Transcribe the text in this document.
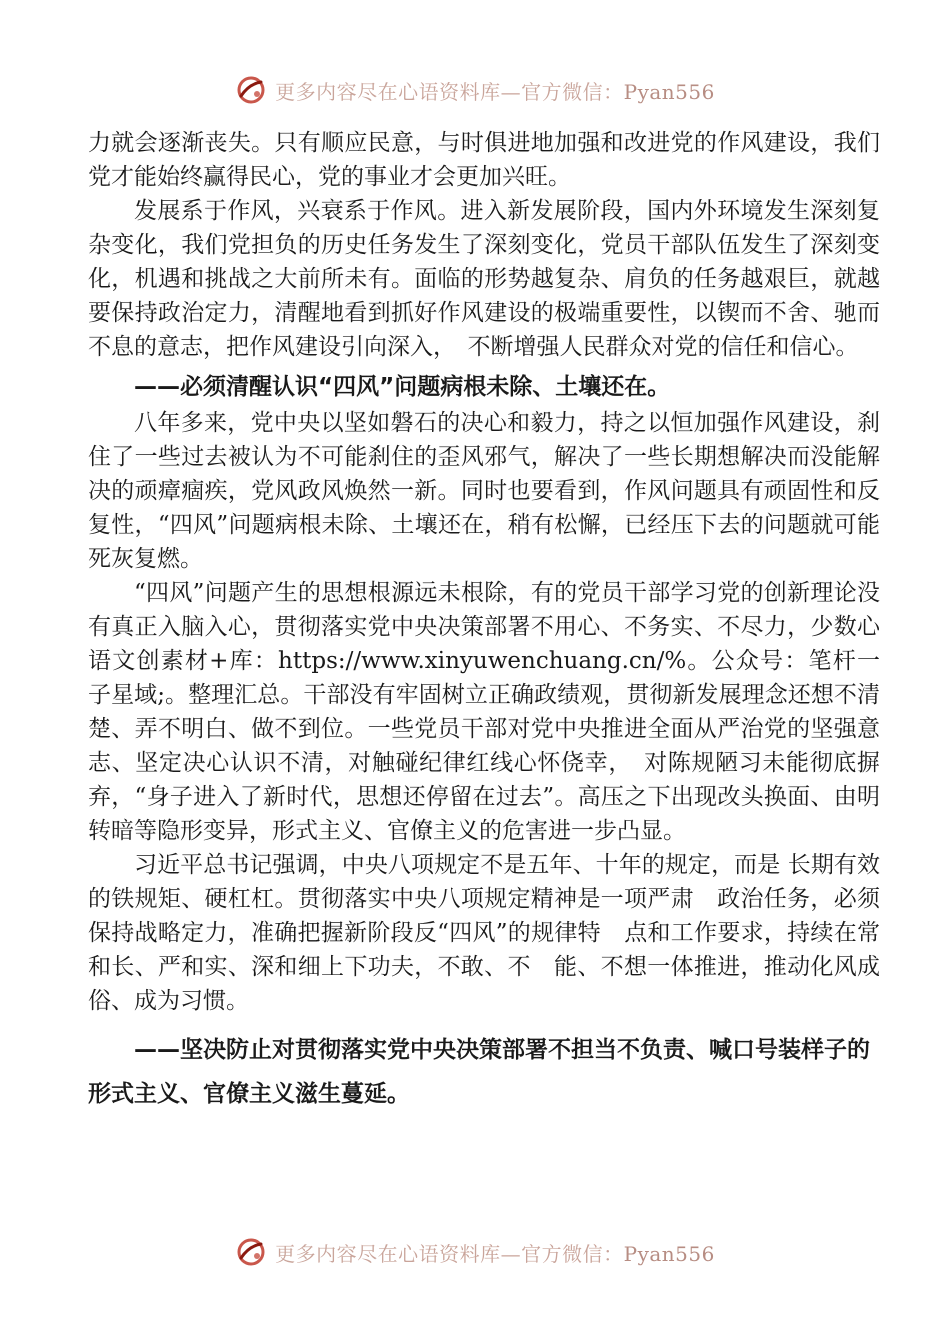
更多内容尽在心语资料库—官方微信：Pyan556

力就会逐渐丧失。只有顺应民意，与时俱进地加强和改进党的作风建设，我们党才能始终赢得民心，党的事业才会更加兴旺。

发展系于作风，兴衰系于作风。进入新发展阶段，国内外环境发生深刻复杂变化，我们党担负的历史任务发生了深刻变化，党员干部队伍发生了深刻变化，机遇和挑战之大前所未有。面临的形势越复杂、肩负的任务越艰巨，就越要保持政治定力，清醒地看到抓好作风建设的极端重要性，以锲而不舍、驰而不息的意志，把作风建设引向深入，　不断增强人民群众对党的信任和信心。

——必须清醒认识“四风”问题病根未除、土壤还在。

八年多来，党中央以坚如磐石的决心和毅力，持之以恒加强作风建设，刹住了一些过去被认为不可能刹住的歪风邪气，解决了一些长期想解决而没能解决的顽瘴痼疾，党风政风焕然一新。同时也要看到，作风问题具有顽固性和反复性，“四风”问题病根未除、土壤还在，稍有松懈，已经压下去的问题就可能死灰复燃。

“四风”问题产生的思想根源远未根除，有的党员干部学习党的创新理论没有真正入脑入心，贯彻落实党中央决策部署不用心、不务实、不尽力，少数心语文创素材+库：https://www.xinyuwenchuang.cn/%。公众号：笔杆一子星域;。整理汇总。干部没有牢固树立正确政绩观，贯彻新发展理念还想不清楚、弄不明白、做不到位。一些党员干部对党中央推进全面从严治党的坚强意志、坚定决心认识不清，对触碰纪律红线心怀侥幸，　对陈规陋习未能彻底摒弃，“身子进入了新时代，思想还停留在过去”。高压之下出现改头换面、由明转暗等隐形变异，形式主义、官僚主义的危害进一步凸显。

习近平总书记强调，中央八项规定不是五年、十年的规定，而是 长期有效的铁规矩、硬杠杠。贯彻落实中央八项规定精神是一项严肃　政治任务，必须保持战略定力，准确把握新阶段反“四风”的规律特　点和工作要求，持续在常和长、严和实、深和细上下功夫，不敢、不　能、不想一体推进，推动化风成俗、成为习惯。

——坚决防止对贯彻落实党中央决策部署不担当不负责、喊口号装样子的形式主义、官僚主义滋生蔓延。

更多内容尽在心语资料库—官方微信：Pyan556
